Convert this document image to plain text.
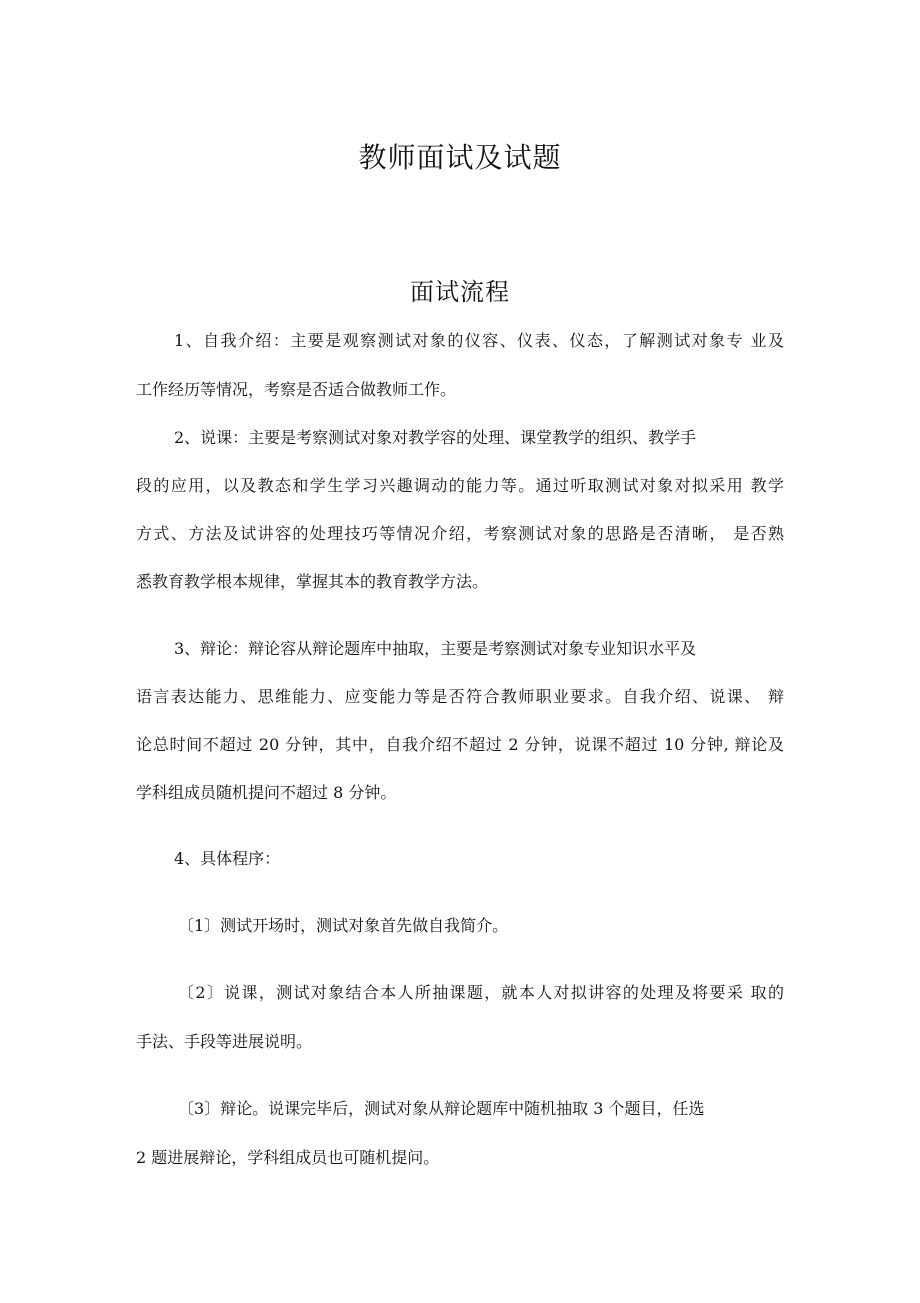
教师面试及试题
面试流程
1、自我介绍：主要是观察测试对象的仪容、仪表、仪态，了解测试对象专 业及
工作经历等情况，考察是否适合做教师工作。
2、说课：主要是考察测试对象对教学容的处理、课堂教学的组织、教学手
段的应用，以及教态和学生学习兴趣调动的能力等。通过听取测试对象对拟采用 教学
方式、方法及试讲容的处理技巧等情况介绍，考察测试对象的思路是否清晰， 是否熟
悉教育教学根本规律，掌握其本的教育教学方法。
3、辩论：辩论容从辩论题库中抽取，主要是考察测试对象专业知识水平及
语言表达能力、思维能力、应变能力等是否符合教师职业要求。自我介绍、说课、 辩
论总时间不超过 20 分钟，其中，自我介绍不超过 2 分钟，说课不超过 10 分钟, 辩论及
学科组成员随机提问不超过 8 分钟。
4、具体程序：
〔1〕测试开场时，测试对象首先做自我简介。
〔2〕说课，测试对象结合本人所抽课题，就本人对拟讲容的处理及将要采 取的
手法、手段等进展说明。
〔3〕辩论。说课完毕后，测试对象从辩论题库中随机抽取 3 个题目，任选
2 题进展辩论，学科组成员也可随机提问。
